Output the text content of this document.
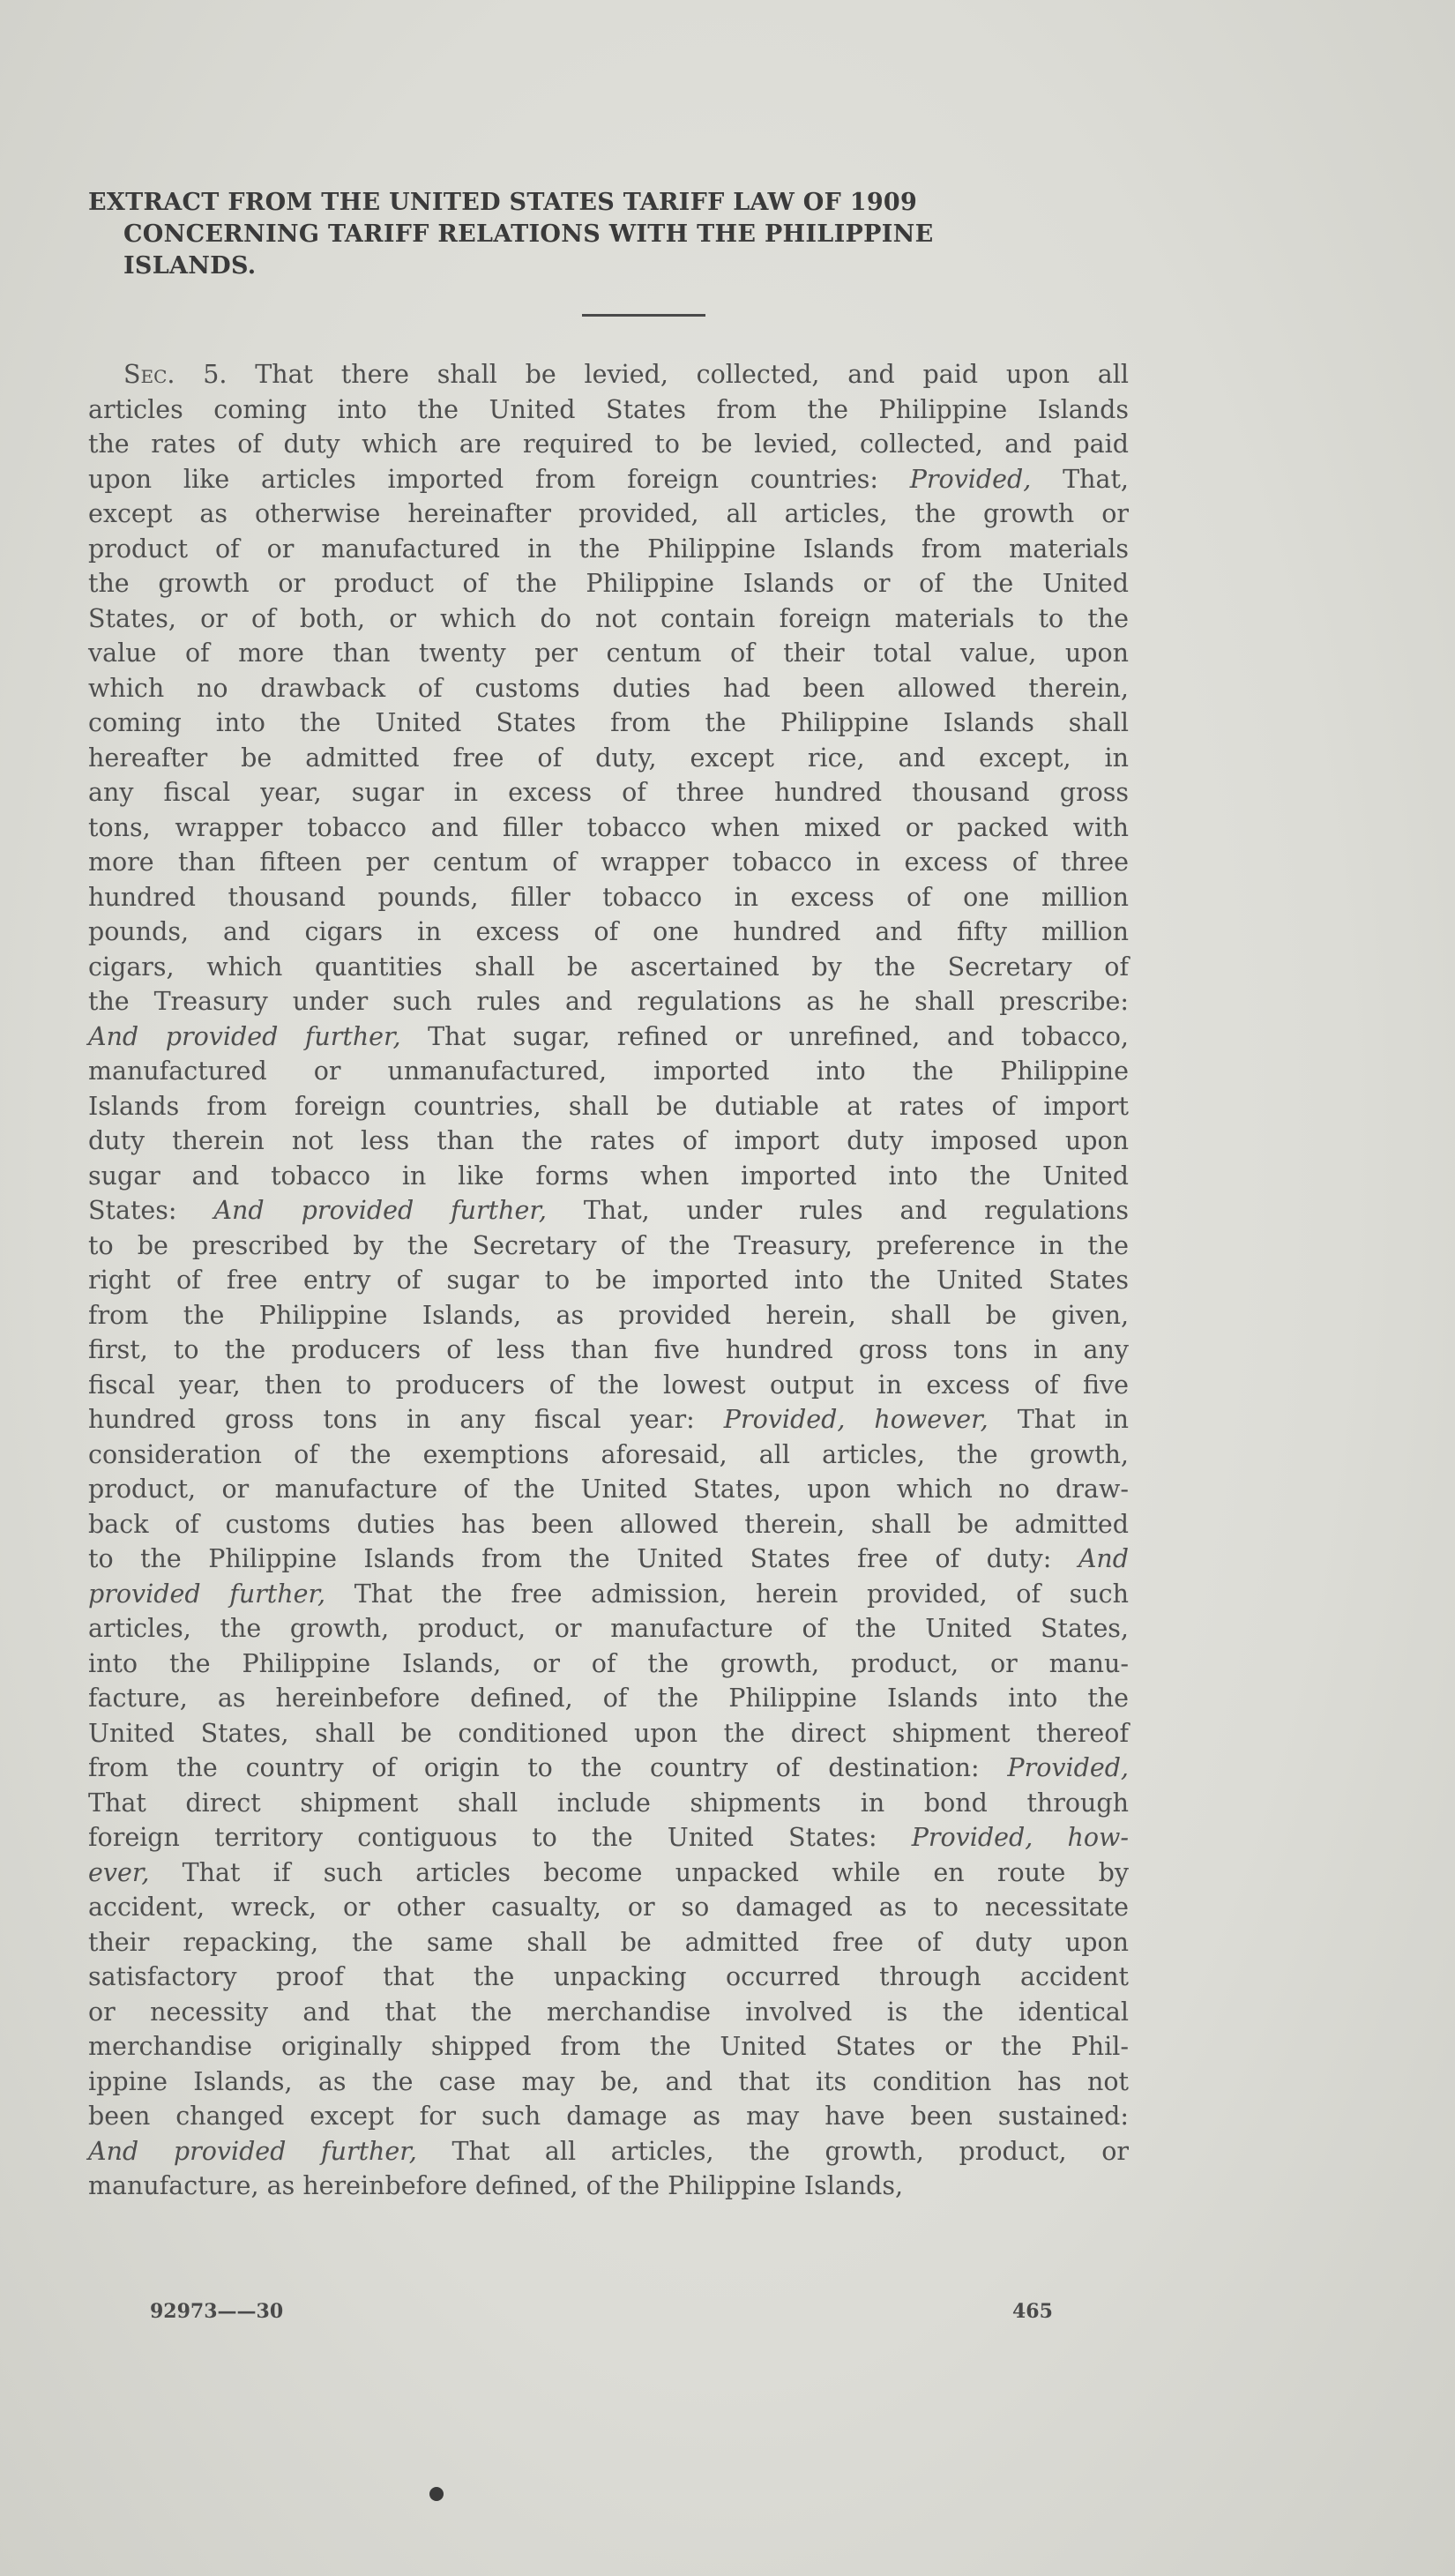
EXTRACT FROM THE UNITED STATES TARIFF LAW OF 1909
CONCERNING TARIFF RELATIONS WITH THE PHILIPPINE
ISLANDS.

Sec. 5. That there shall be levied, collected, and paid upon all
articles coming into the United States from the Philippine Islands
the rates of duty which are required to be levied, collected, and paid
upon like articles imported from foreign countries: Provided, That,
except as otherwise hereinafter provided, all articles, the growth or
product of or manufactured in the Philippine Islands from materials
the growth or product of the Philippine Islands or of the United
States, or of both, or which do not contain foreign materials to the
value of more than twenty per centum of their total value, upon
which no drawback of customs duties had been allowed therein,
coming into the United States from the Philippine Islands shall
hereafter be admitted free of duty, except rice, and except, in
any fiscal year, sugar in excess of three hundred thousand gross
tons, wrapper tobacco and filler tobacco when mixed or packed with
more than fifteen per centum of wrapper tobacco in excess of three
hundred thousand pounds, filler tobacco in excess of one million
pounds, and cigars in excess of one hundred and fifty million
cigars, which quantities shall be ascertained by the Secretary of
the Treasury under such rules and regulations as he shall prescribe:
And provided further, That sugar, refined or unrefined, and tobacco,
manufactured or unmanufactured, imported into the Philippine
Islands from foreign countries, shall be dutiable at rates of import
duty therein not less than the rates of import duty imposed upon
sugar and tobacco in like forms when imported into the United
States: And provided further, That, under rules and regulations
to be prescribed by the Secretary of the Treasury, preference in the
right of free entry of sugar to be imported into the United States
from the Philippine Islands, as provided herein, shall be given,
first, to the producers of less than five hundred gross tons in any
fiscal year, then to producers of the lowest output in excess of five
hundred gross tons in any fiscal year: Provided, however, That in
consideration of the exemptions aforesaid, all articles, the growth,
product, or manufacture of the United States, upon which no draw-
back of customs duties has been allowed therein, shall be admitted
to the Philippine Islands from the United States free of duty: And
provided further, That the free admission, herein provided, of such
articles, the growth, product, or manufacture of the United States,
into the Philippine Islands, or of the growth, product, or manu-
facture, as hereinbefore defined, of the Philippine Islands into the
United States, shall be conditioned upon the direct shipment thereof
from the country of origin to the country of destination: Provided,
That direct shipment shall include shipments in bond through
foreign territory contiguous to the United States: Provided, how-
ever, That if such articles become unpacked while en route by
accident, wreck, or other casualty, or so damaged as to necessitate
their repacking, the same shall be admitted free of duty upon
satisfactory proof that the unpacking occurred through accident
or necessity and that the merchandise involved is the identical
merchandise originally shipped from the United States or the Phil-
ippine Islands, as the case may be, and that its condition has not
been changed except for such damage as may have been sustained:
And provided further, That all articles, the growth, product, or
manufacture, as hereinbefore defined, of the Philippine Islands,

92973——30	465
